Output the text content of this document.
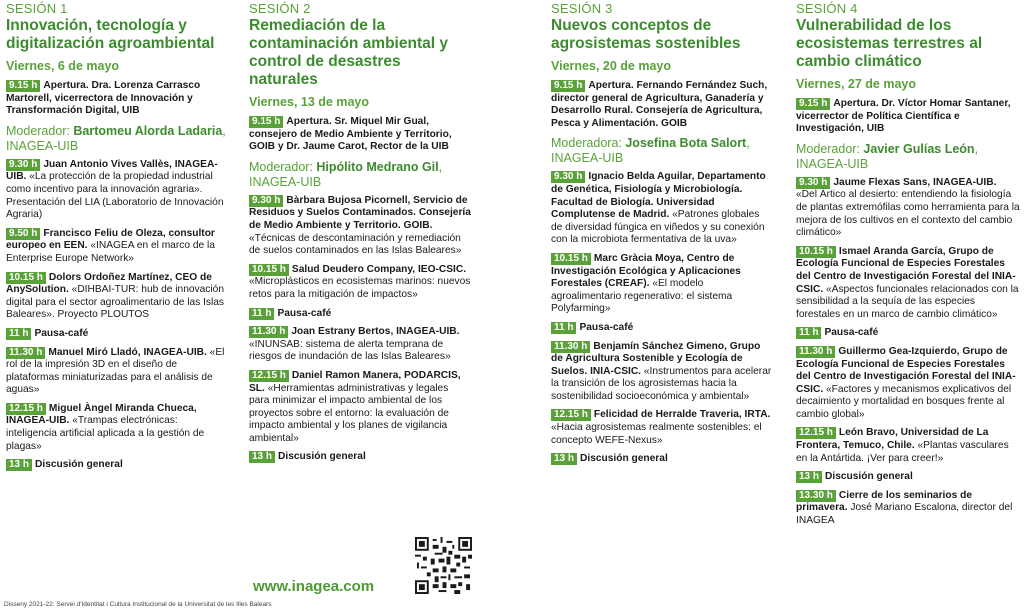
SESIÓN 1
Innovación, tecnología y digitalización agroambiental
Viernes, 6 de mayo
9.15 h Apertura. Dra. Lorenza Carrasco Martorell, vicerrectora de Innovación y Transformación Digital, UIB
Moderador: Bartomeu Alorda Ladaria, INAGEA-UIB
9.30 h Juan Antonio Vives Vallès, INAGEA-UIB. «La protección de la propiedad industrial como incentivo para la innovación agraria». Presentación del LIA (Laboratorio de Innovación Agraria)
9.50 h Francisco Feliu de Oleza, consultor europeo en EEN. «INAGEA en el marco de la Enterprise Europe Network»
10.15 h Dolors Ordoñez Martínez, CEO de AnySolution. «DIHBAI-TUR: hub de innovación digital para el sector agroalimentario de las Islas Baleares». Proyecto PLOUTOS
11 h Pausa-café
11.30 h Manuel Miró Lladó, INAGEA-UIB. «El rol de la impresión 3D en el diseño de plataformas miniaturizadas para el análisis de aguas»
12.15 h Miguel Àngel Miranda Chueca, INAGEA-UIB. «Trampas electrónicas: inteligencia artificial aplicada a la gestión de plagas»
13 h Discusión general
SESIÓN 2
Remediación de la contaminación ambiental y control de desastres naturales
Viernes, 13 de mayo
9.15 h Apertura. Sr. Miquel Mir Gual, consejero de Medio Ambiente y Territorio, GOIB y Dr. Jaume Carot, Rector de la UIB
Moderador: Hipólito Medrano Gil, INAGEA-UIB
9.30 h Bàrbara Bujosa Picornell, Servicio de Residuos y Suelos Contaminados. Consejería de Medio Ambiente y Territorio. GOIB. «Técnicas de descontaminación y remediación de suelos contaminados en las Islas Baleares»
10.15 h Salud Deudero Company, IEO-CSIC. «Microplásticos en ecosistemas marinos: nuevos retos para la mitigación de impactos»
11 h Pausa-café
11.30 h Joan Estrany Bertos, INAGEA-UIB. «INUNSAB: sistema de alerta temprana de riesgos de inundación de las Islas Baleares»
12.15 h Daniel Ramon Manera, PODARCIS, SL. «Herramientas administrativas y legales para minimizar el impacto ambiental de los proyectos sobre el entorno: la evaluación de impacto ambiental y los planes de vigilancia ambiental»
13 h Discusión general
SESIÓN 3
Nuevos conceptos de agrosistemas sostenibles
Viernes, 20 de mayo
9.15 h Apertura. Fernando Fernández Such, director general de Agricultura, Ganadería y Desarrollo Rural. Consejería de Agricultura, Pesca y Alimentación. GOIB
Moderadora: Josefina Bota Salort, INAGEA-UIB
9.30 h Ignacio Belda Aguilar, Departamento de Genética, Fisiología y Microbiología. Facultad de Biología. Universidad Complutense de Madrid. «Patrones globales de diversidad fúngica en viñedos y su conexión con la microbiota fermentativa de la uva»
10.15 h Marc Gràcia Moya, Centro de Investigación Ecológica y Aplicaciones Forestales (CREAF). «El modelo agroalimentario regenerativo: el sistema Polyfarming»
11 h Pausa-café
11.30 h Benjamín Sánchez Gimeno, Grupo de Agricultura Sostenible y Ecología de Suelos. INIA-CSIC. «Instrumentos para acelerar la transición de los agrosistemas hacia la sostenibilidad socioeconómica y ambiental»
12.15 h Felicidad de Herralde Traveria, IRTA. «Hacia agrosistemas realmente sostenibles: el concepto WEFE-Nexus»
13 h Discusión general
SESIÓN 4
Vulnerabilidad de los ecosistemas terrestres al cambio climático
Viernes, 27 de mayo
9.15 h Apertura. Dr. Víctor Homar Santaner, vicerrector de Política Científica e Investigación, UIB
Moderador: Javier Gulías León, INAGEA-UIB
9.30 h Jaume Flexas Sans, INAGEA-UIB. «Del Ártico al desierto: entendiendo la fisiología de plantas extremófilas como herramienta para la mejora de los cultivos en el contexto del cambio climático»
10.15 h Ismael Aranda García, Grupo de Ecología Funcional de Especies Forestales del Centro de Investigación Forestal del INIA-CSIC. «Aspectos funcionales relacionados con la sensibilidad a la sequía de las especies forestales en un marco de cambio climático»
11 h Pausa-café
11.30 h Guillermo Gea-Izquierdo, Grupo de Ecología Funcional de Especies Forestales del Centro de Investigación Forestal del INIA-CSIC. «Factores y mecanismos explicativos del decaimiento y mortalidad en bosques frente al cambio global»
12.15 h León Bravo, Universidad de La Frontera, Temuco, Chile. «Plantas vasculares en la Antártida. ¡Ver para creer!»
13 h Discusión general
13.30 h Cierre de los seminarios de primavera. José Mariano Escalona, director del INAGEA
www.inagea.com
Disseny 2021-22: Servei d'Identitat i Cultura Institucional de la Universitat de les Illes Balears
